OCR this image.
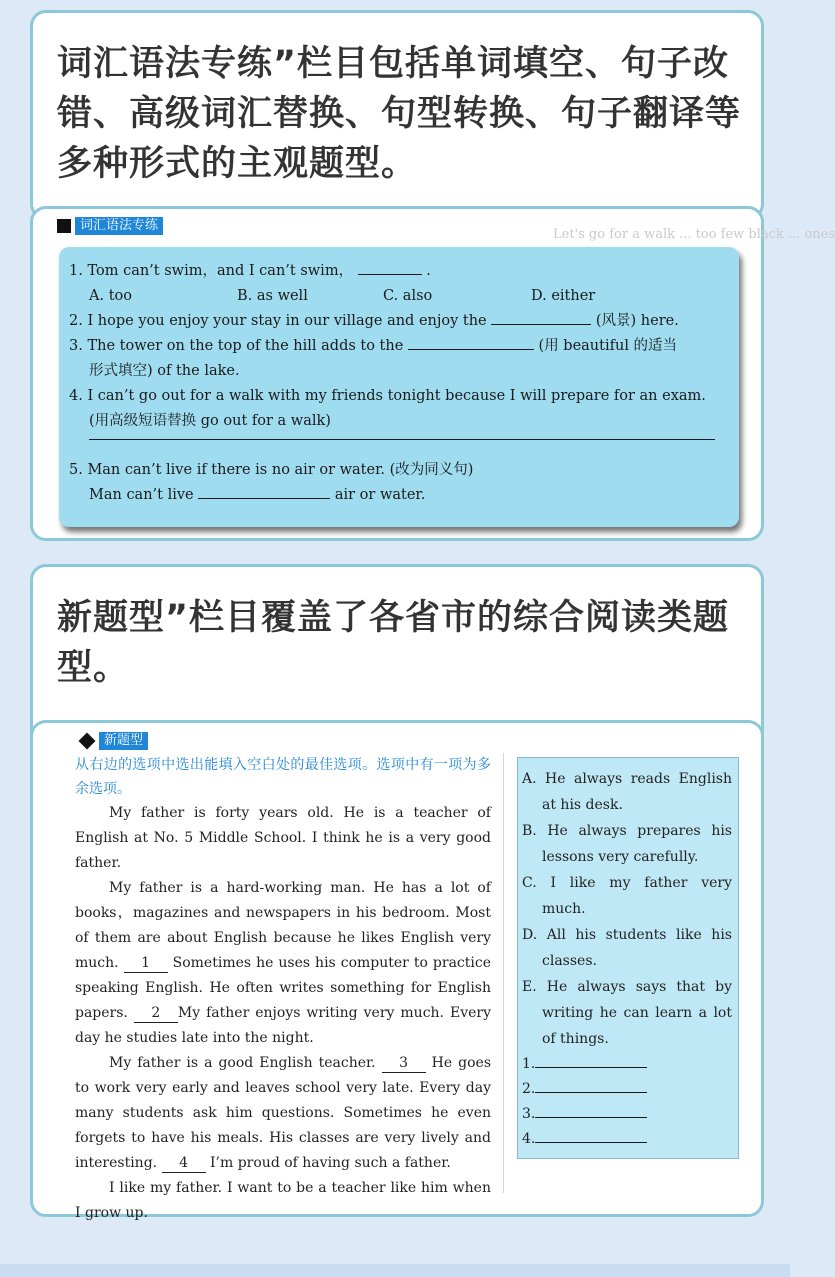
词汇语法专练”栏目包括单词填空、句子改错、高级词汇替换、句型转换、句子翻译等多种形式的主观题型。
Let's go for a walk ... too few black ... ones
词汇语法专练
1. Tom can’t swim，and I can’t swim，	.
A. too	B. as well	C. also	D. either
2. I hope you enjoy your stay in our village and enjoy the	(风景) here.
3. The tower on the top of the hill adds to the	(用 beautiful 的适当
形式填空) of the lake.
4. I can’t go out for a walk with my friends tonight because I will prepare for an exam.
(用高级短语替换 go out for a walk)
5. Man can’t live if there is no air or water. (改为同义句)
Man can’t live	air or water.
新题型”栏目覆盖了各省市的综合阅读类题型。
新题型
从右边的选项中选出能填入空白处的最佳选项。选项中有一项为多余选项。
My father is forty years old. He is a teacher of English at No. 5 Middle School. I think he is a very good father.
My father is a hard-working man. He has a lot of books，magazines and newspapers in his bedroom. Most of them are about English because he likes English very much. 1 Sometimes he uses his computer to practice speaking English. He often writes something for English papers. 2 My father enjoys writing very much. Every day he studies late into the night.
My father is a good English teacher. 3 He goes to work very early and leaves school very late. Every day many students ask him questions. Sometimes he even forgets to have his meals. His classes are very lively and interesting. 4 I’m proud of having such a father.
I like my father. I want to be a teacher like him when I grow up.
A. He always reads English at his desk.
B. He always prepares his lessons very carefully.
C. I like my father very much.
D. All his students like his classes.
E. He always says that by writing he can learn a lot of things.
1.
2.
3.
4.
